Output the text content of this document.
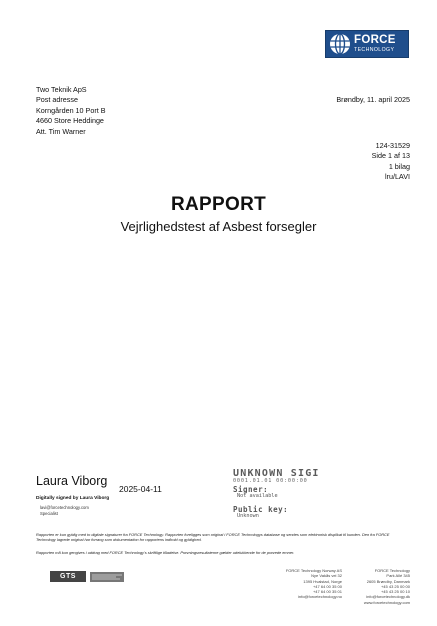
FORCE
TECHNOLOGY
Two Teknik ApS
Post adresse
Korngården 10 Port B
4660 Store Heddinge
Att. Tim Warner
Brøndby, 11. april 2025
124-31529
Side 1 af 13
1 bilag
lru/LAVI
RAPPORT
Vejrlighedstest af Asbest forsegler
Laura Viborg
2025-04-11
Digitally signed by Laura Viborg
lavi@forcetechnology.com
Specialist
UNKNOWN SIGI
0001.01.01 00:00:00
Signer:
Not available
Public key:
Unknown
Rapporten er kun gyldig med to digitale signaturer fra FORCE Technology. Rapporten foreligges som original i FORCE Technologys database og sendes som elektronisk dispilkat til kunden. Den fra FORCE Technology lagrede original har forrang som dokumentation for rapportens indhold og gyldighed.
Rapporten må kun gengives i uddrag med FORCE Technology's skriftlige tilladelse. Prøvningsresultaterne gælder udelukkende for de prøvede emner.
GTS
FORCE Technology Norway AS
Nye Vakås vei 32
1395 Hvalstad, Norge
+47 64 00 35 00
+47 64 00 35 01
info@forcetechnology.no
FORCE Technology
Park Allé 345
2605 Brøndby, Danmark
+45 43 25 00 00
+45 43 25 00 10
info@forcetechnology.dk
www.forcetechnology.com
